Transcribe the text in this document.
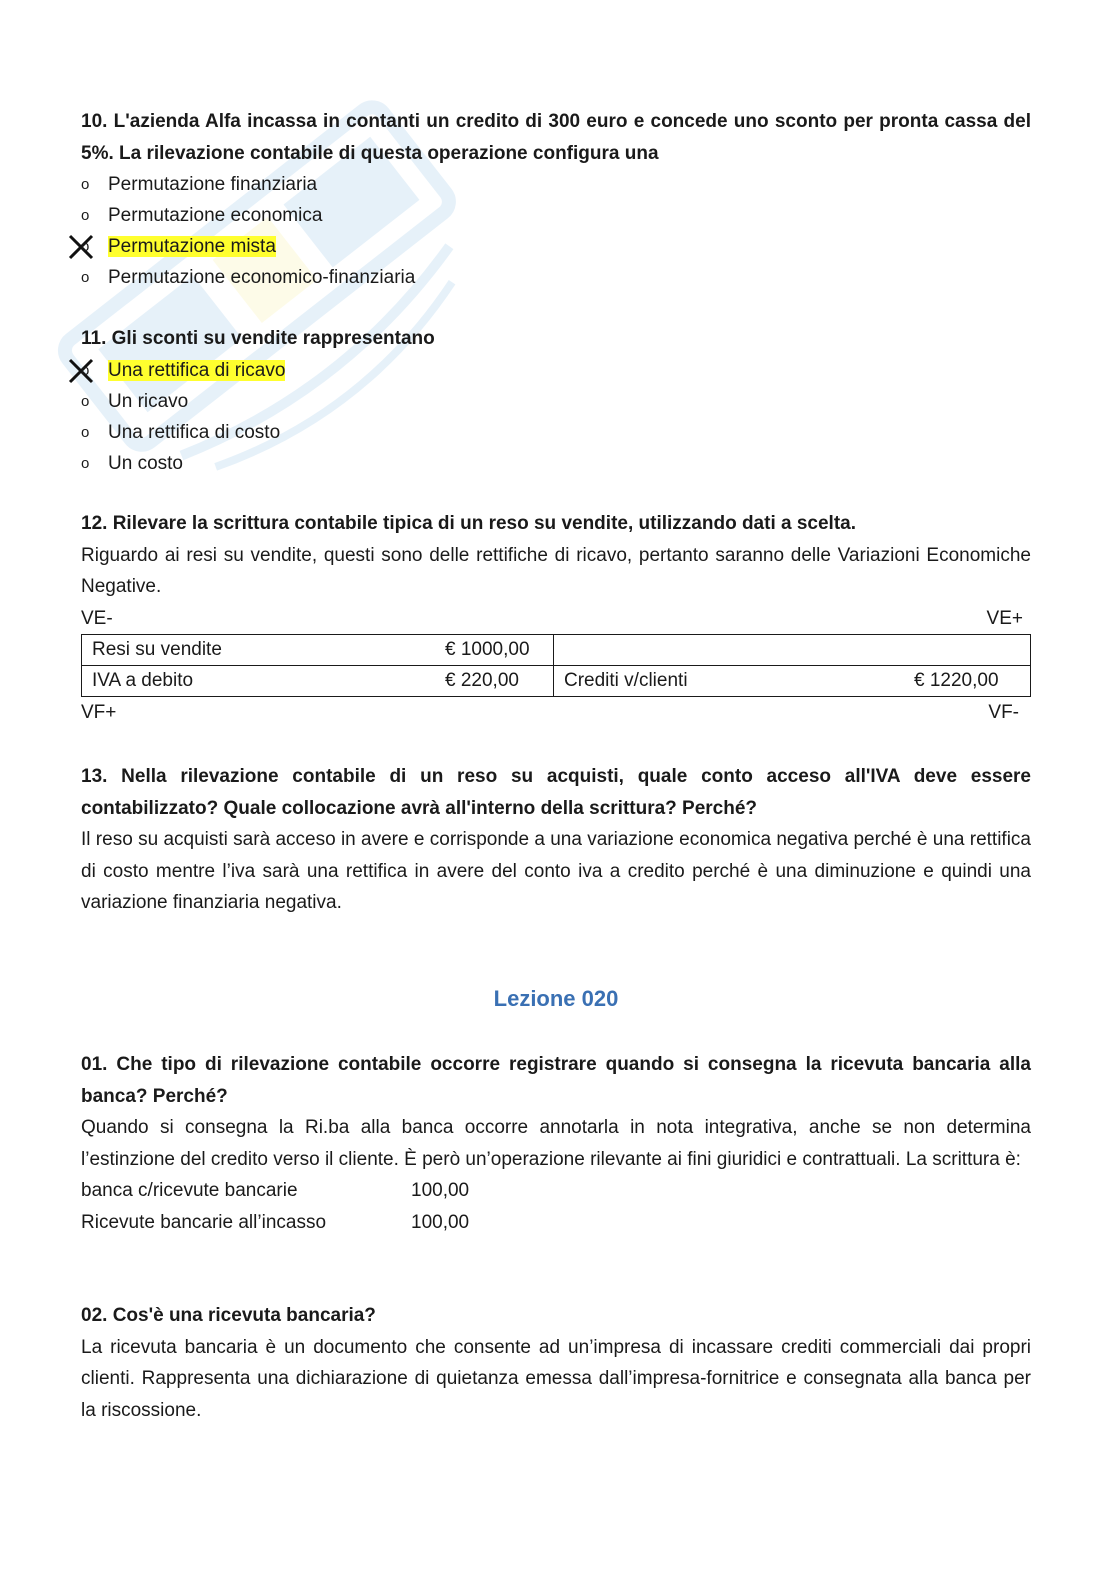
10. L'azienda Alfa incassa in contanti un credito di 300 euro e concede uno sconto per pronta cassa del 5%. La rilevazione contabile di questa operazione configura una

o Permutazione finanziaria
o Permutazione economica
o Permutazione mista
o Permutazione economico-finanziaria

11. Gli sconti su vendite rappresentano

o Una rettifica di ricavo
o Un ricavo
o Una rettifica di costo
o Un costo

12. Rilevare la scrittura contabile tipica di un reso su vendite, utilizzando dati a scelta.

Riguardo ai resi su vendite, questi sono delle rettifiche di ricavo, pertanto saranno delle Variazioni Economiche Negative.

VE-	VE+
Resi su vendite	€ 1000,00		
IVA a debito	€ 220,00	Crediti v/clienti	€ 1220,00
VF+	VF-

13. Nella rilevazione contabile di un reso su acquisti, quale conto acceso all'IVA deve essere contabilizzato? Quale collocazione avrà all'interno della scrittura? Perché?

Il reso su acquisti sarà acceso in avere e corrisponde a una variazione economica negativa perché è una rettifica di costo mentre l’iva sarà una rettifica in avere del conto iva a credito perché è una diminuzione e quindi una variazione finanziaria negativa.

Lezione 020

01. Che tipo di rilevazione contabile occorre registrare quando si consegna la ricevuta bancaria alla banca? Perché?

Quando si consegna la Ri.ba alla banca occorre annotarla in nota integrativa, anche se non determina l’estinzione del credito verso il cliente. È però un’operazione rilevante ai fini giuridici e contrattuali. La scrittura è:

banca c/ricevute bancarie	100,00
Ricevute bancarie all’incasso	100,00

02. Cos'è una ricevuta bancaria?

La ricevuta bancaria è un documento che consente ad un’impresa di incassare crediti commerciali dai propri clienti. Rappresenta una dichiarazione di quietanza emessa dall’impresa-fornitrice e consegnata alla banca per la riscossione.
